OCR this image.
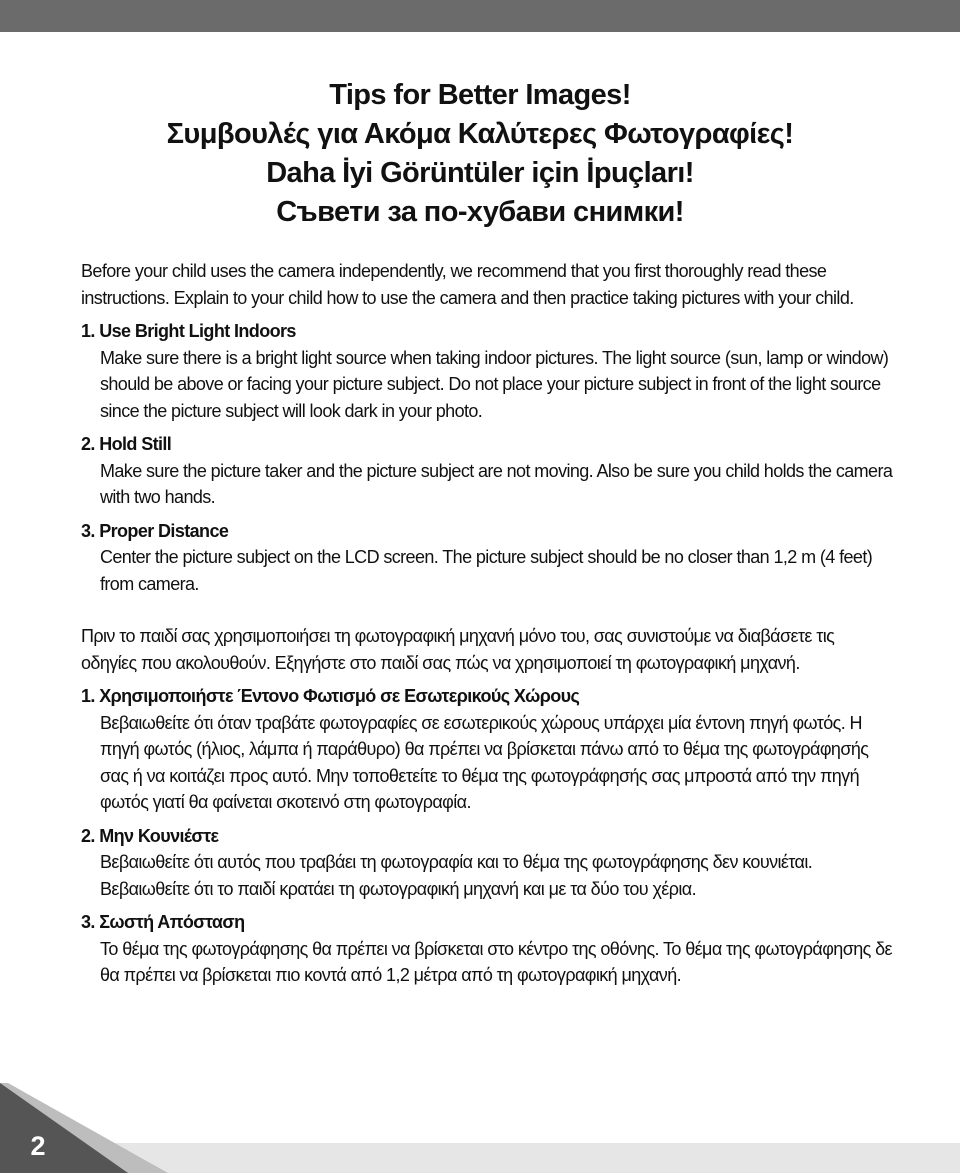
Tips for Better Images!
Συμβουλές για Ακόμα Καλύτερες Φωτογραφίες!
Daha İyi Görüntüler için İpuçları!
Съвети за по-хубави снимки!

Before your child uses the camera independently, we recommend that you first thoroughly read these instructions. Explain to your child how to use the camera and then practice taking pictures with your child.

1. Use Bright Light Indoors
Make sure there is a bright light source when taking indoor pictures. The light source (sun, lamp or window) should be above or facing your picture subject. Do not place your picture subject in front of the light source since the picture subject will look dark in your photo.
2. Hold Still
Make sure the picture taker and the picture subject are not moving. Also be sure you child holds the camera with two hands.
3. Proper Distance
Center the picture subject on the LCD screen. The picture subject should be no closer than 1,2 m (4 feet) from camera.

Πριν το παιδί σας χρησιμοποιήσει τη φωτογραφική μηχανή μόνο του, σας συνιστούμε να διαβάσετε τις οδηγίες που ακολουθούν. Εξηγήστε στο παιδί σας πώς να χρησιμοποιεί τη φωτογραφική μηχανή.

1. Χρησιμοποιήστε Έντονο Φωτισμό σε Εσωτερικούς Χώρους
Βεβαιωθείτε ότι όταν τραβάτε φωτογραφίες σε εσωτερικούς χώρους υπάρχει μία έντονη πηγή φωτός. Η πηγή φωτός (ήλιος, λάμπα ή παράθυρο) θα πρέπει να βρίσκεται πάνω από το θέμα της φωτογράφησής σας ή να κοιτάζει προς αυτό. Μην τοποθετείτε το θέμα της φωτογράφησής σας μπροστά από την πηγή φωτός γιατί θα φαίνεται σκοτεινό στη φωτογραφία.
2. Μην Κουνιέστε
Βεβαιωθείτε ότι αυτός που τραβάει τη φωτογραφία και το θέμα της φωτογράφησης δεν κουνιέται. Βεβαιωθείτε ότι το παιδί κρατάει τη φωτογραφική μηχανή και με τα δύο του χέρια.
3. Σωστή Απόσταση
Το θέμα της φωτογράφησης θα πρέπει να βρίσκεται στο κέντρο της οθόνης. Το θέμα της φωτογράφησης δε θα πρέπει να βρίσκεται πιο κοντά από 1,2 μέτρα από τη φωτογραφική μηχανή.
2
